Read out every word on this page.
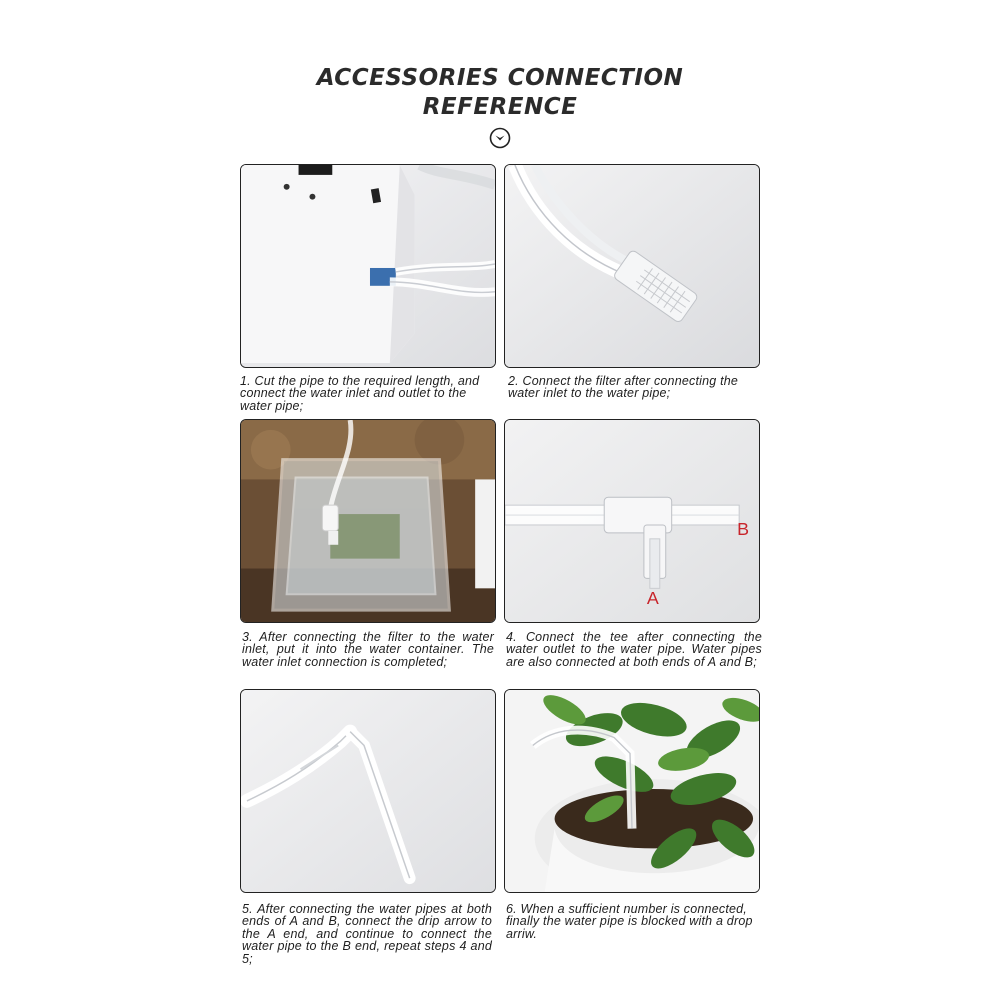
ACCESSORIES CONNECTION
REFERENCE
1. Cut the pipe to the required length, and connect the water inlet and outlet to the water pipe;
2. Connect the filter after connecting the water inlet to the water pipe;
A
B
3. After connecting the filter to the water inlet, put it into the water container. The water inlet connection is completed;
4. Connect the tee after connecting the water outlet to the water pipe. Water pipes are also connected at both ends of A and B;
5. After connecting the water pipes at both ends of A and B, connect the drip arrow to the A end, and continue to connect the water pipe to the B end, repeat steps 4 and 5;
6. When a sufficient number is connected, finally the water pipe is blocked with a drop arriw.
